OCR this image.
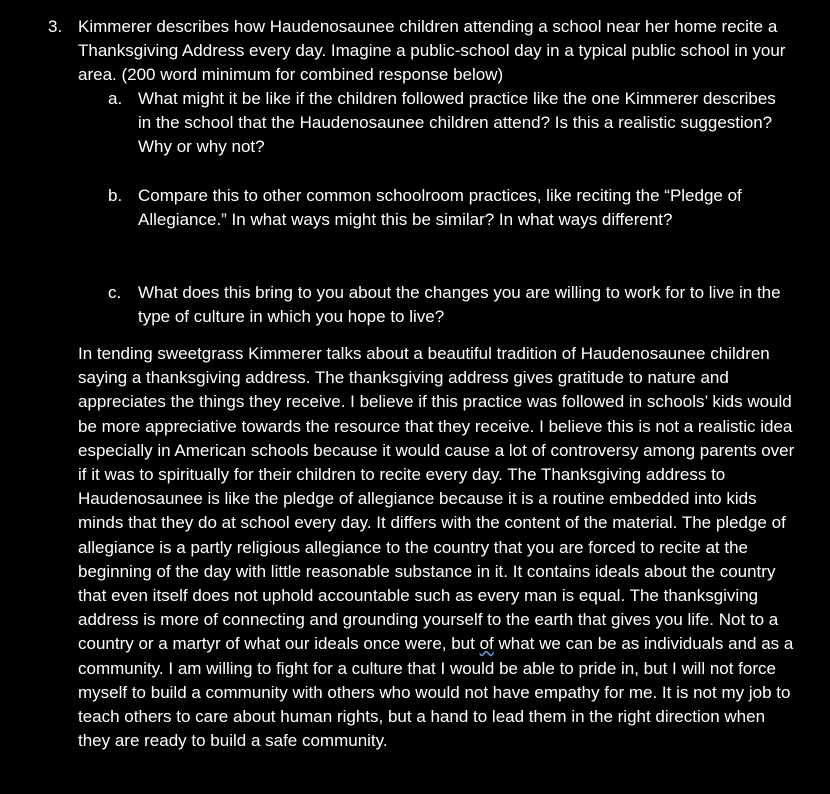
3. Kimmerer describes how Haudenosaunee children attending a school near her home recite a Thanksgiving Address every day. Imagine a public-school day in a typical public school in your area. (200 word minimum for combined response below)
a. What might it be like if the children followed practice like the one Kimmerer describes in the school that the Haudenosaunee children attend? Is this a realistic suggestion? Why or why not?
b. Compare this to other common schoolroom practices, like reciting the “Pledge of Allegiance.” In what ways might this be similar? In what ways different?
c. What does this bring to you about the changes you are willing to work for to live in the type of culture in which you hope to live?
In tending sweetgrass Kimmerer talks about a beautiful tradition of Haudenosaunee children saying a thanksgiving address. The thanksgiving address gives gratitude to nature and appreciates the things they receive. I believe if this practice was followed in schools’ kids would be more appreciative towards the resource that they receive. I believe this is not a realistic idea especially in American schools because it would cause a lot of controversy among parents over if it was to spiritually for their children to recite every day. The Thanksgiving address to Haudenosaunee is like the pledge of allegiance because it is a routine embedded into kids minds that they do at school every day. It differs with the content of the material. The pledge of allegiance is a partly religious allegiance to the country that you are forced to recite at the beginning of the day with little reasonable substance in it. It contains ideals about the country that even itself does not uphold accountable such as every man is equal. The thanksgiving address is more of connecting and grounding yourself to the earth that gives you life. Not to a country or a martyr of what our ideals once were, but of what we can be as individuals and as a community. I am willing to fight for a culture that I would be able to pride in, but I will not force myself to build a community with others who would not have empathy for me. It is not my job to teach others to care about human rights, but a hand to lead them in the right direction when they are ready to build a safe community.
